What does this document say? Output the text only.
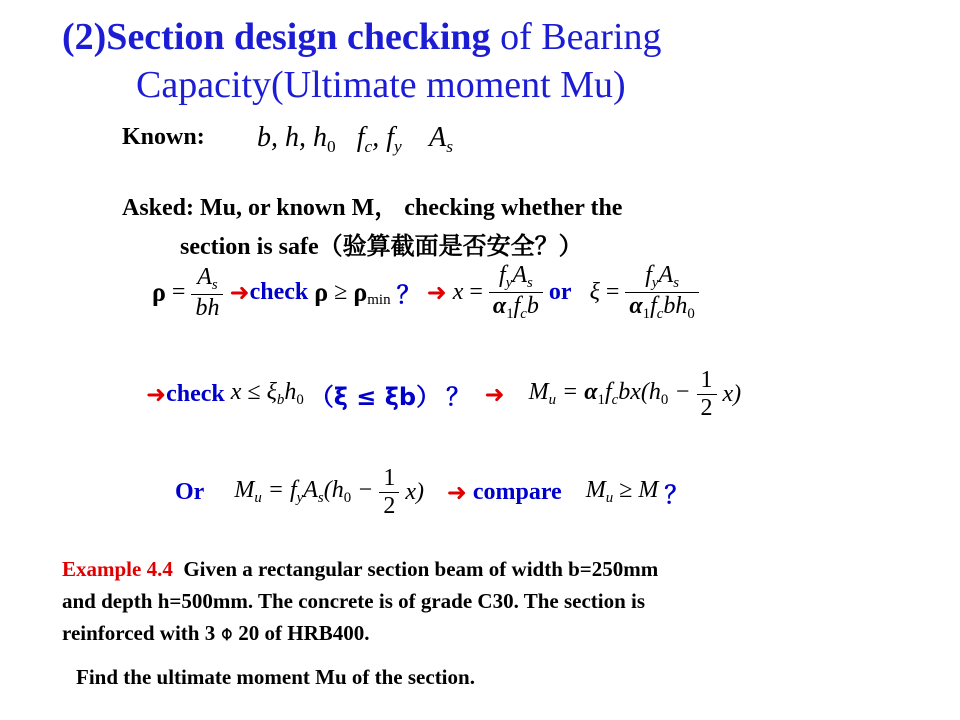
(2)Section design checking of Bearing
Capacity(Ultimate moment Mu)
Known: b, h, $h_0$   $f_c$, $f_y$    $A_s$
Asked: Mu, or known M， checking whether the
section is safe（验算截面是否安全？）
$\rho = \frac{A_s}{bh}$ ➜check $\rho \ge \rho_{min}$ ？ ➜ $x = \frac{f_yA_s}{\alpha_1f_cb}$ or   $\xi = \frac{f_yA_s}{\alpha_1f_cbh_0}$
➜check $x \le \xi_bh_0$ （ξ ≤ ξb） ？  ➜    $M_u = \alpha_1f_cbx(h_0 - \frac{1}{2} x)$
Or     $M_u = f_yA_s(h_0 - \frac{1}{2} x)$   ➜ compare    $M_u \ge M$ ？
Example 4.4 Given a rectangular section beam of width b=250mm
and depth h=500mm. The concrete is of grade C30. The section is
reinforced with 3 ⌽ 20 of HRB400.
Find the ultimate moment Mu of the section.
